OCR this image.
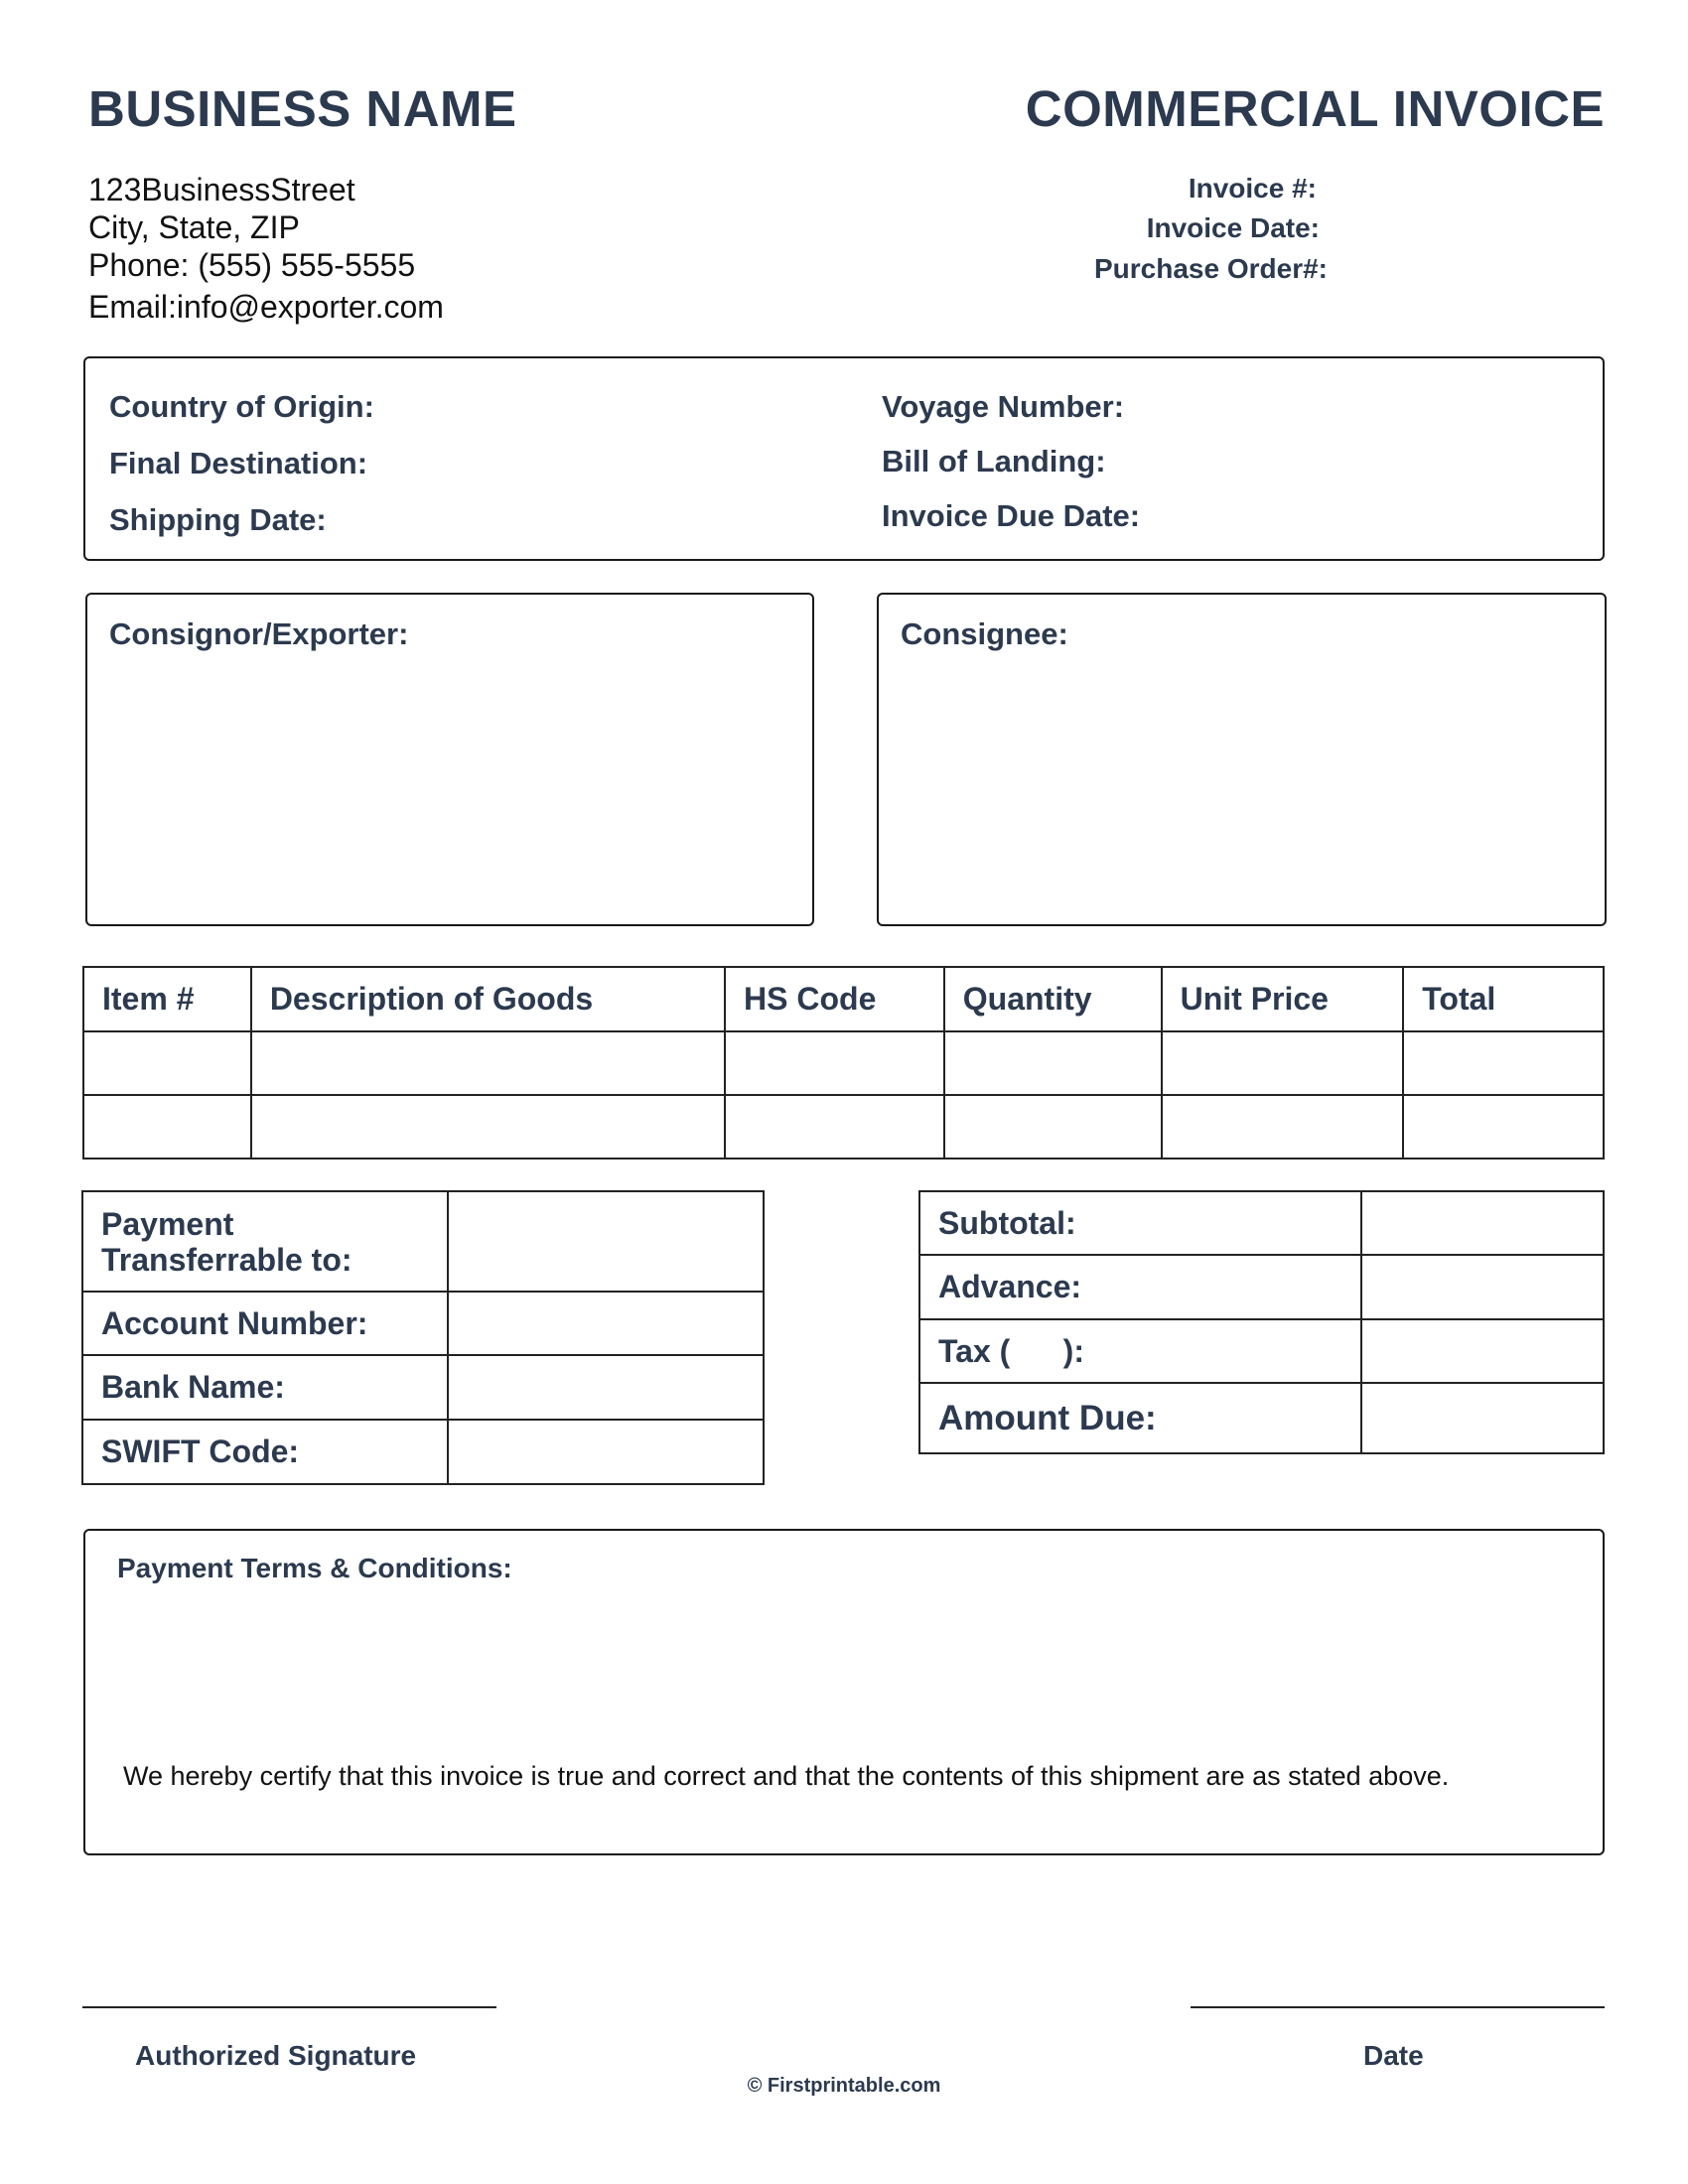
BUSINESS NAME	COMMERCIAL INVOICE
123BusinessStreet
City, State, ZIP
Phone: (555) 555-5555
Email:info@exporter.com
Invoice #:
Invoice Date:
Purchase Order#:
Country of Origin:
Final Destination:
Shipping Date:
Voyage Number:
Bill of Landing:
Invoice Due Date:
Consignor/Exporter:	Consignee:
Item #	Description of Goods	HS Code	Quantity	Unit Price	Total

Payment
Transferrable to:	

Account Number:	
Bank Name:	
SWIFT Code:	
Subtotal:	
Advance:	
Tax (      ):	
Amount Due:	
Payment Terms & Conditions:
We hereby certify that this invoice is true and correct and that the contents of this shipment are as stated above.
Authorized Signature	Date
© Firstprintable.com
